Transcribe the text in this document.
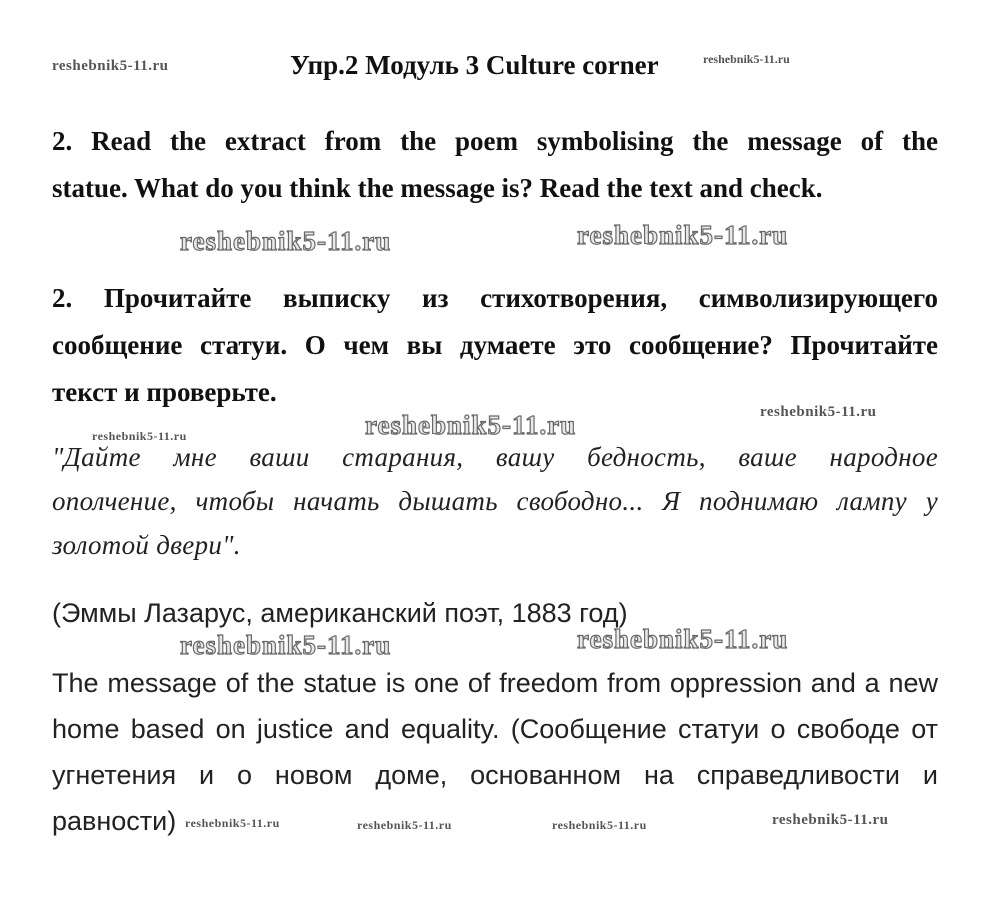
reshebnik5-11.ru	reshebnik5-11.ru
Упр.2 Модуль 3 Culture corner
2. Read the extract from the poem symbolising the message of the
statue. What do you think the message is? Read the text and check.
reshebnik5-11.ru	reshebnik5-11.ru
2. Прочитайте выписку из стихотворения, символизирующего
сообщение статуи. О чем вы думаете это сообщение? Прочитайте
текст и проверьте.
reshebnik5-11.ru	reshebnik5-11.ru
reshebnik5-11.ru
"Дайте мне ваши старания, вашу бедность, ваше народное
ополчение, чтобы начать дышать свободно... Я поднимаю лампу у
золотой двери".
(Эммы Лазарус, американский поэт, 1883 год)
reshebnik5-11.ru	reshebnik5-11.ru
The message of the statue is one of freedom from oppression and a new
home based on justice and equality. (Сообщение статуи о свободе от
угнетения и о новом доме, основанном на справедливости и
равности) reshebnik5-11.ru	reshebnik5-11.ru	reshebnik5-11.ru	reshebnik5-11.ru
